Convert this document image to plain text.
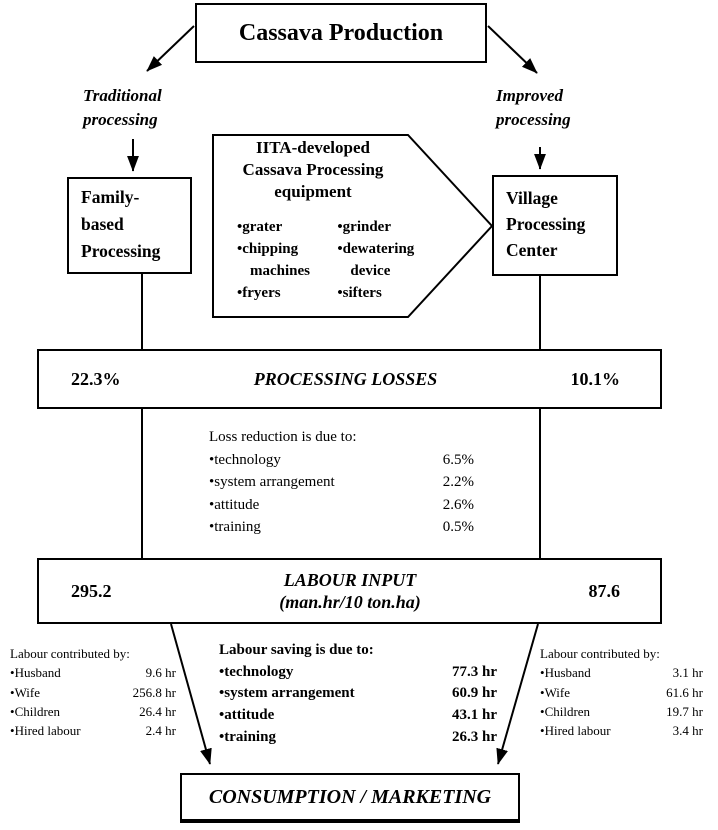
Cassava Production
Traditional
processing
Improved
processing
Family-
based
Processing
Village
Processing
Center
IITA-developed
Cassava Processing
equipment
• grater
• chipping machines
• fryers
• grinder
• dewatering device
• sifters
22.3%	PROCESSING LOSSES	10.1%
Loss reduction is due to:
• technology	6.5%
• system arrangement	2.2%
• attitude	2.6%
• training	0.5%
295.2
LABOUR INPUT
(man.hr/10 ton.ha)
87.6
Labour contributed by:
• Husband	9.6 hr
• Wife	256.8 hr
• Children	26.4 hr
• Hired labour	2.4 hr
Labour saving is due to:
• technology	77.3 hr
• system arrangement	60.9 hr
• attitude	43.1 hr
• training	26.3 hr
Labour contributed by:
• Husband	3.1 hr
• Wife	61.6 hr
• Children	19.7 hr
• Hired labour	3.4 hr
CONSUMPTION / MARKETING
